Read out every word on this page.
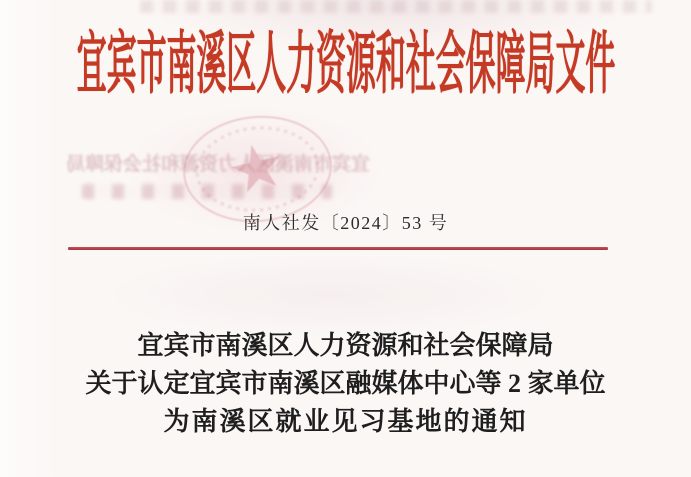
宜宾市南溪区人力资源和社会保障局文件
宜宾市南溪区人力资源和社会保障局
南人社发〔2024〕53 号
宜宾市南溪区人力资源和社会保障局
关于认定宜宾市南溪区融媒体中心等 2 家单位
为南溪区就业见习基地的通知
